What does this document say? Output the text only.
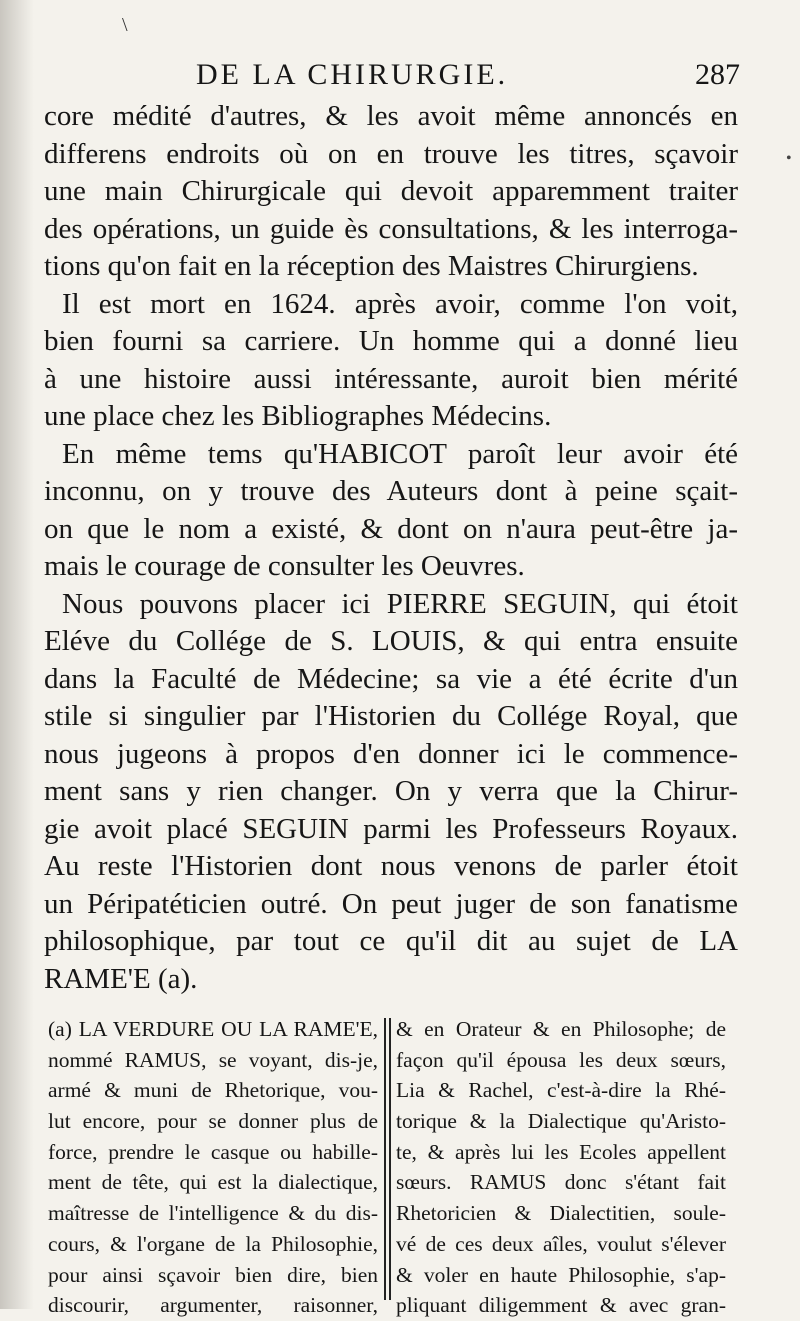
\
•
DE LA CHIRURGIE.	287
core médité d'autres, & les avoit même annoncés en
differens endroits où on en trouve les titres, sçavoir
une main Chirurgicale qui devoit apparemment traiter
des opérations, un guide ès consultations, & les interroga-
tions qu'on fait en la réception des Maistres Chirurgiens.
Il est mort en 1624. après avoir, comme l'on voit,
bien fourni sa carriere. Un homme qui a donné lieu
à une histoire aussi intéressante, auroit bien mérité
une place chez les Bibliographes Médecins.
En même tems qu'HABICOT paroît leur avoir été
inconnu, on y trouve des Auteurs dont à peine sçait-
on que le nom a existé, & dont on n'aura peut-être ja-
mais le courage de consulter les Oeuvres.
Nous pouvons placer ici PIERRE SEGUIN, qui étoit
Eléve du Collége de S. LOUIS, & qui entra ensuite
dans la Faculté de Médecine; sa vie a été écrite d'un
stile si singulier par l'Historien du Collége Royal, que
nous jugeons à propos d'en donner ici le commence-
ment sans y rien changer. On y verra que la Chirur-
gie avoit placé SEGUIN parmi les Professeurs Royaux.
Au reste l'Historien dont nous venons de parler étoit
un Péripatéticien outré. On peut juger de son fanatisme
philosophique, par tout ce qu'il dit au sujet de LA
RAME'E (a).
(a) LA VERDURE OU LA RAME'E,
nommé RAMUS, se voyant, dis-je,
armé & muni de Rhetorique, vou-
lut encore, pour se donner plus de
force, prendre le casque ou habille-
ment de tête, qui est la dialectique,
maîtresse de l'intelligence & du dis-
cours, & l'organe de la Philosophie,
pour ainsi sçavoir bien dire, bien
discourir, argumenter, raisonner,
& en Orateur & en Philosophe; de
façon qu'il épousa les deux sœurs,
Lia & Rachel, c'est-à-dire la Rhé-
torique & la Dialectique qu'Aristo-
te, & après lui les Ecoles appellent
sœurs. RAMUS donc s'étant fait
Rhetoricien & Dialectitien, soule-
vé de ces deux aîles, voulut s'élever
& voler en haute Philosophie, s'ap-
pliquant diligemment & avec gran-
